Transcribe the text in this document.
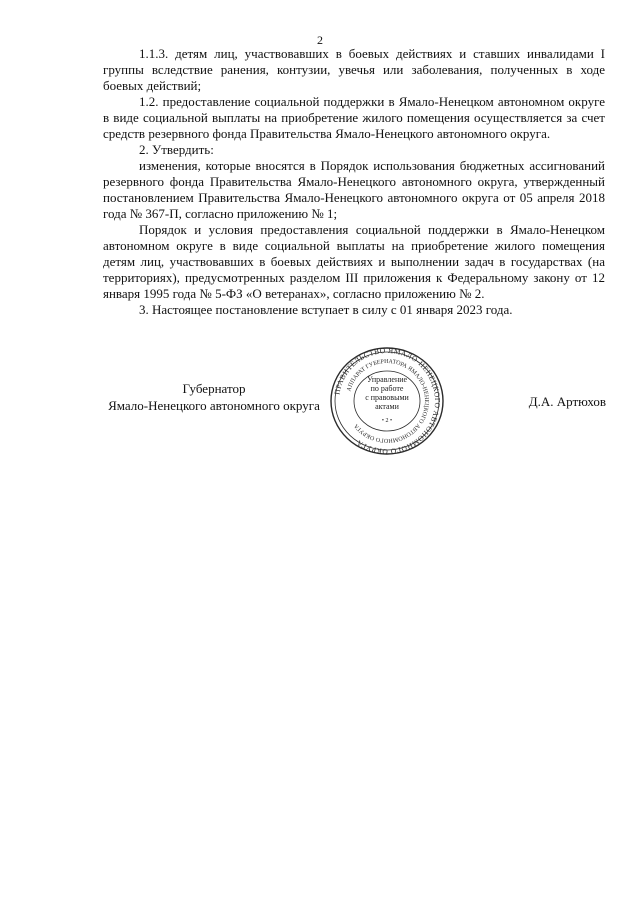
2

1.1.3. детям лиц, участвовавших в боевых действиях и ставших инвалидами I группы вследствие ранения, контузии, увечья или заболевания, полученных в ходе боевых действий;

1.2. предоставление социальной поддержки в Ямало-Ненецком автономном округе в виде социальной выплаты на приобретение жилого помещения осуществляется за счет средств резервного фонда Правительства Ямало-Ненецкого автономного округа.

2. Утвердить:

изменения, которые вносятся в Порядок использования бюджетных ассигнований резервного фонда Правительства Ямало-Ненецкого автономного округа, утвержденный постановлением Правительства Ямало-Ненецкого автономного округа от 05 апреля 2018 года № 367-П, согласно приложению № 1;

Порядок и условия предоставления социальной поддержки в Ямало-Ненецком автономном округе в виде социальной выплаты на приобретение жилого помещения детям лиц, участвовавших в боевых действиях и выполнении задач в государствах (на территориях), предусмотренных разделом III приложения к Федеральному закону от 12 января 1995 года № 5-ФЗ «О ветеранах», согласно приложению № 2.

3. Настоящее постановление вступает в силу с 01 января 2023 года.

Губернатор
Ямало-Ненецкого автономного округа	Д.А. Артюхов
ПРАВИТЕЛЬСТВО ЯМАЛО-НЕНЕЦКОГО АВТОНОМНОГО ОКРУГА
АППАРАТ ГУБЕРНАТОРА ЯМАЛО-НЕНЕЦКОГО АВТОНОМНОГО ОКРУГА
Управление
по работе
с правовыми
актами
• 2 •
